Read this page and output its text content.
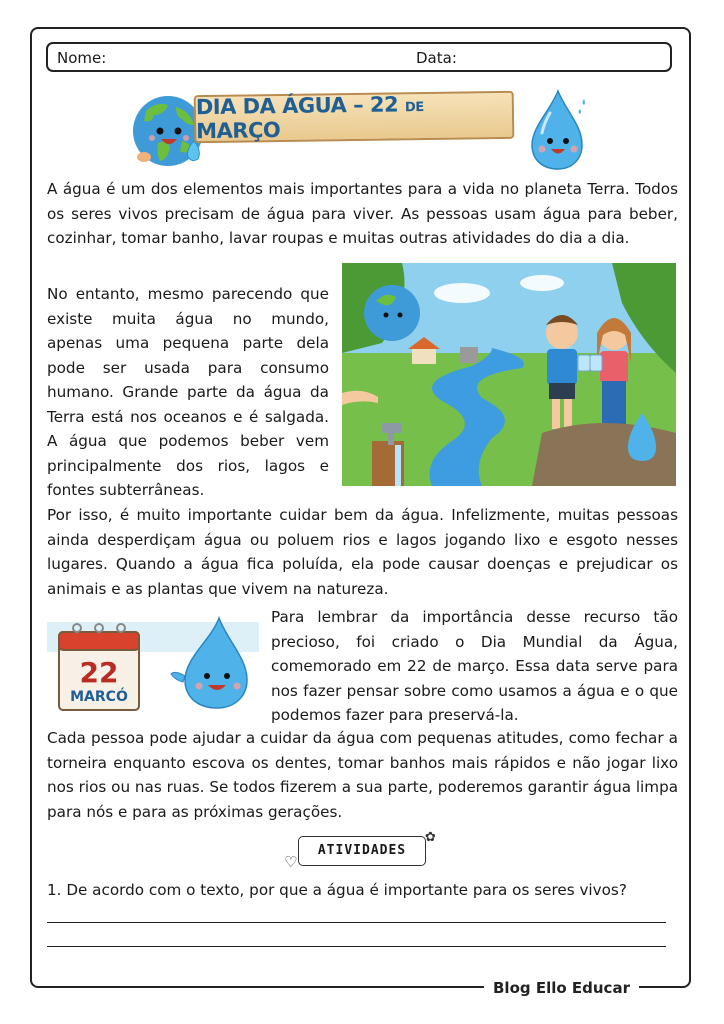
Nome:	Data:
DIA DA ÁGUA – 22 DE MARÇO

A água é um dos elementos mais importantes para a vida no planeta Terra. Todos os seres vivos precisam de água para viver. As pessoas usam água para beber, cozinhar, tomar banho, lavar roupas e muitas outras atividades do dia a dia.

No entanto, mesmo parecendo que existe muita água no mundo, apenas uma pequena parte dela pode ser usada para consumo humano. Grande parte da água da Terra está nos oceanos e é salgada. A água que podemos beber vem principalmente dos rios, lagos e fontes subterrâneas.

Por isso, é muito importante cuidar bem da água. Infelizmente, muitas pessoas ainda desperdiçam água ou poluem rios e lagos jogando lixo e esgoto nesses lugares. Quando a água fica poluída, ela pode causar doenças e prejudicar os animais e as plantas que vivem na natureza.

22
MARCÓ

Para lembrar da importância desse recurso tão precioso, foi criado o Dia Mundial da Água, comemorado em 22 de março. Essa data serve para nos fazer pensar sobre como usamos a água e o que podemos fazer para preservá-la.

Cada pessoa pode ajudar a cuidar da água com pequenas atitudes, como fechar a torneira enquanto escova os dentes, tomar banhos mais rápidos e não jogar lixo nos rios ou nas ruas. Se todos fizerem a sua parte, poderemos garantir água limpa para nós e para as próximas gerações.

ATIVIDADES
♡
✿
1. De acordo com o texto, por que a água é importante para os seres vivos?
Blog Ello Educar
